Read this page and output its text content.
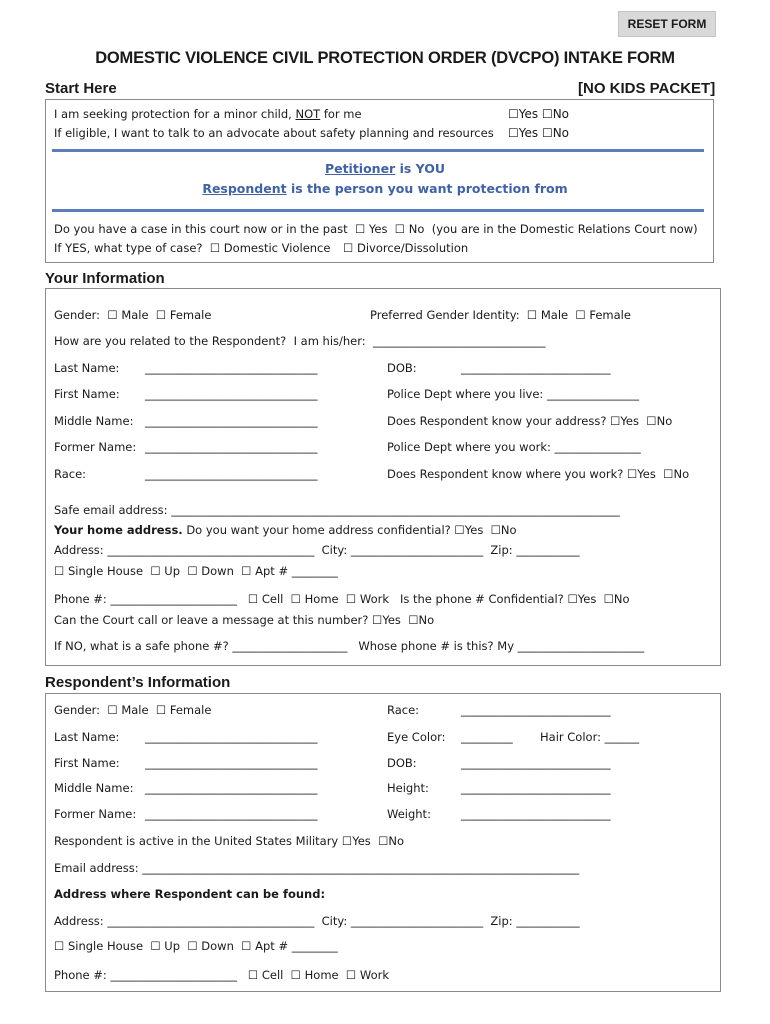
RESET FORM
DOMESTIC VIOLENCE CIVIL PROTECTION ORDER (DVCPO) INTAKE FORM
Start Here	[NO KIDS PACKET]
I am seeking protection for a minor child, NOT for me	☐Yes ☐No
If eligible, I want to talk to an advocate about safety planning and resources ☐Yes ☐No
Petitioner is YOU
Respondent is the person you want protection from
Do you have a case in this court now or in the past  ☐ Yes  ☐ No  (you are in the Domestic Relations Court now)
If YES, what type of case?  ☐ Domestic Violence ☐ Divorce/Dissolution
Your Information
Gender:  ☐ Male  ☐ Female	Preferred Gender Identity:  ☐ Male  ☐ Female
How are you related to the Respondent?  I am his/her:  ______________________________
Last Name: ______________________________	DOB:	__________________________
First Name: ______________________________	Police Dept where you live: ________________
Middle Name: ______________________________	Does Respondent know your address? ☐Yes  ☐No
Former Name: ______________________________	Police Dept where you work: _______________
Race:	______________________________	Does Respondent know where you work? ☐Yes  ☐No
Safe email address: ______________________________________________________________________________
Your home address. Do you want your home address confidential? ☐Yes  ☐No
Address: ____________________________________  City: _______________________  Zip: ___________
☐ Single House  ☐ Up  ☐ Down  ☐ Apt # ________
Phone #: ______________________   ☐ Cell  ☐ Home  ☐ Work   Is the phone # Confidential? ☐Yes  ☐No
Can the Court call or leave a message at this number? ☐Yes  ☐No
If NO, what is a safe phone #? ____________________   Whose phone # is this? My ______________________
Respondent’s Information
Gender:  ☐ Male  ☐ Female	Race:	__________________________
Last Name: ______________________________	Eye Color: _________ Hair Color: ______
First Name: ______________________________	DOB:	__________________________
Middle Name: ______________________________	Height:	__________________________
Former Name: ______________________________	Weight:	__________________________
Respondent is active in the United States Military ☐Yes  ☐No
Email address: ____________________________________________________________________________
Address where Respondent can be found:
Address: ____________________________________  City: _______________________  Zip: ___________
☐ Single House  ☐ Up  ☐ Down  ☐ Apt # ________
Phone #: ______________________   ☐ Cell  ☐ Home  ☐ Work
